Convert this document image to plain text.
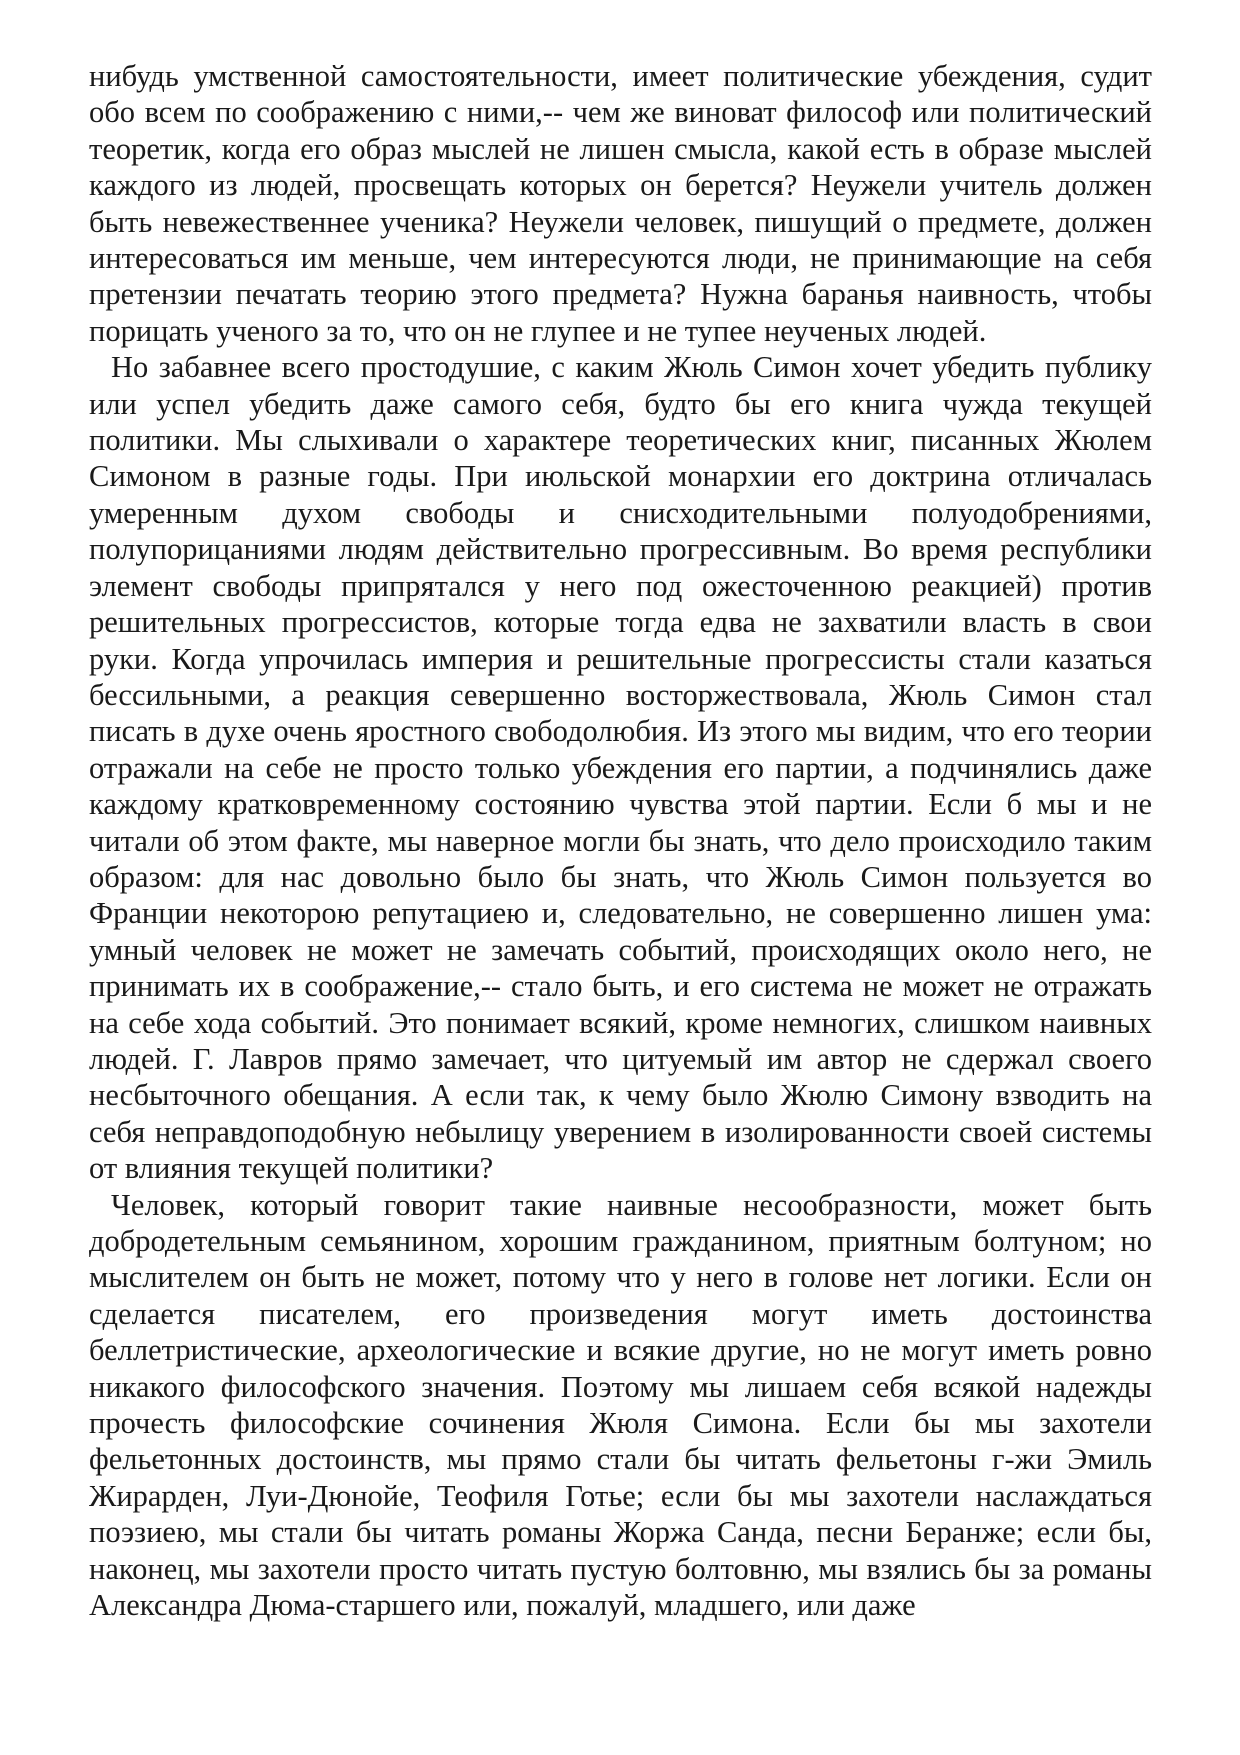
нибудь умственной самостоятельности, имеет политические убеждения, судит обо всем по соображению с ними,-- чем же виноват философ или политический теоретик, когда его образ мыслей не лишен смысла, какой есть в образе мыслей каждого из людей, просвещать которых он берется? Неужели учитель должен быть невежественнее ученика? Неужели человек, пишущий о предмете, должен интересоваться им меньше, чем интересуются люди, не принимающие на себя претензии печатать теорию этого предмета? Нужна баранья наивность, чтобы порицать ученого за то, что он не глупее и не тупее неученых людей.

Но забавнее всего простодушие, с каким Жюль Симон хочет убедить публику или успел убедить даже самого себя, будто бы его книга чужда текущей политики. Мы слыхивали о характере теоретических книг, писанных Жюлем Симоном в разные годы. При июльской монархии его доктрина отличалась умеренным духом свободы и снисходительными полуодобрениями, полупорицаниями людям действительно прогрессивным. Во время республики элемент свободы припрятался у него под ожесточенною реакцией) против решительных прогрессистов, которые тогда едва не захватили власть в свои руки. Когда упрочилась империя и решительные прогрессисты стали казаться бессильными, а реакция севершенно восторжествовала, Жюль Симон стал писать в духе очень яростного свободолюбия. Из этого мы видим, что его теории отражали на себе не просто только убеждения его партии, а подчинялись даже каждому кратковременному состоянию чувства этой партии. Если б мы и не читали об этом факте, мы наверное могли бы знать, что дело происходило таким образом: для нас довольно было бы знать, что Жюль Симон пользуется во Франции некоторою репутациею и, следовательно, не совершенно лишен ума: умный человек не может не замечать событий, происходящих около него, не принимать их в соображение,-- стало быть, и его система не может не отражать на себе хода событий. Это понимает всякий, кроме немногих, слишком наивных людей. Г. Лавров прямо замечает, что цитуемый им автор не сдержал своего несбыточного обещания. А если так, к чему было Жюлю Симону взводить на себя неправдоподобную небылицу уверением в изолированности своей системы от влияния текущей политики?

Человек, который говорит такие наивные несообразности, может быть добродетельным семьянином, хорошим гражданином, приятным болтуном; но мыслителем он быть не может, потому что у него в голове нет логики. Если он сделается писателем, его произведения могут иметь достоинства беллетристические, археологические и всякие другие, но не могут иметь ровно никакого философского значения. Поэтому мы лишаем себя всякой надежды прочесть философские сочинения Жюля Симона. Если бы мы захотели фельетонных достоинств, мы прямо стали бы читать фельетоны г-жи Эмиль Жирарден, Луи-Дюнойе, Теофиля Готье; если бы мы захотели наслаждаться поэзиею, мы стали бы читать романы Жоржа Санда, песни Беранже; если бы, наконец, мы захотели просто читать пустую болтовню, мы взялись бы за романы Александра Дюма-старшего или, пожалуй, младшего, или даже
